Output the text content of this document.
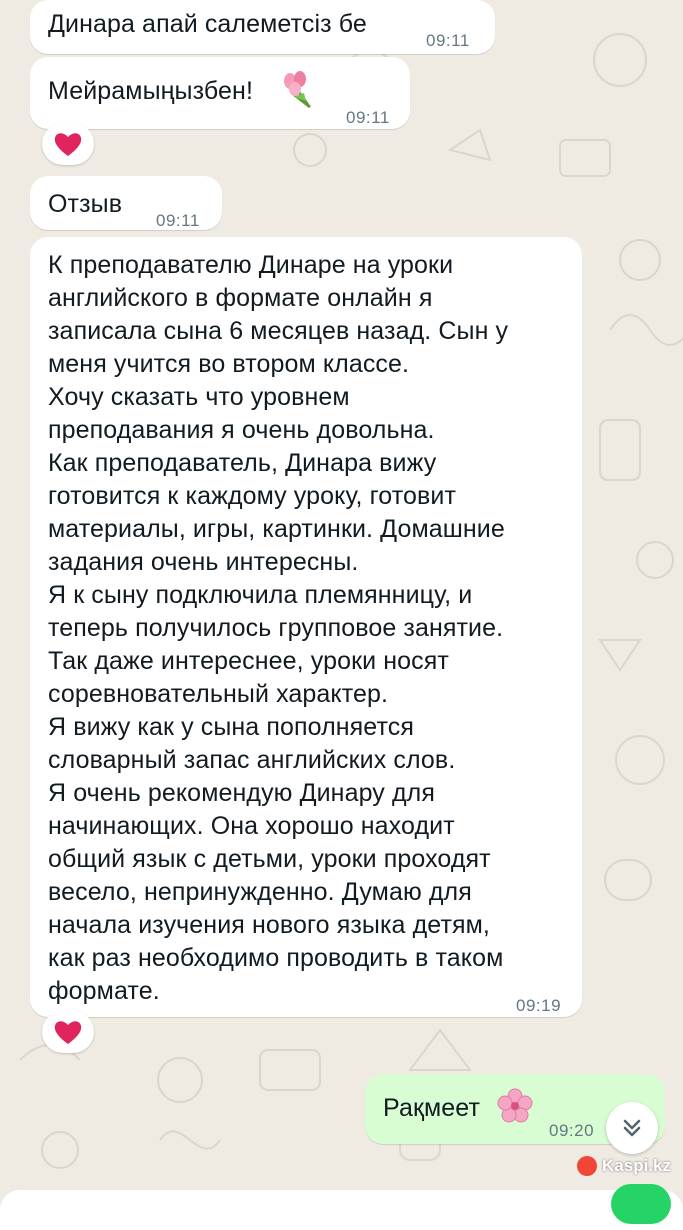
Динара апай салеметсіз бе
09:11
Мейрамыңызбен!
09:11
Отзыв
09:11
К преподавателю Динаре на уроки
английского в формате онлайн я
записала сына 6 месяцев назад. Сын у
меня учится во втором классе.
Хочу сказать что уровнем
преподавания я очень довольна.
Как преподаватель, Динара вижу
готовится к каждому уроку, готовит
материалы, игры, картинки. Домашние
задания очень интересны.
Я к сыну подключила племянницу, и
теперь получилось групповое занятие.
Так даже интереснее, уроки носят
соревновательный характер.
Я вижу как у сына пополняется
словарный запас английских слов.
Я очень рекомендую Динару для
начинающих. Она хорошо находит
общий язык с детьми, уроки проходят
весело, непринужденно. Думаю для
начала изучения нового языка детям,
как раз необходимо проводить в таком
формате.
09:19
Рақмеет
09:20
Kaspi.kz
